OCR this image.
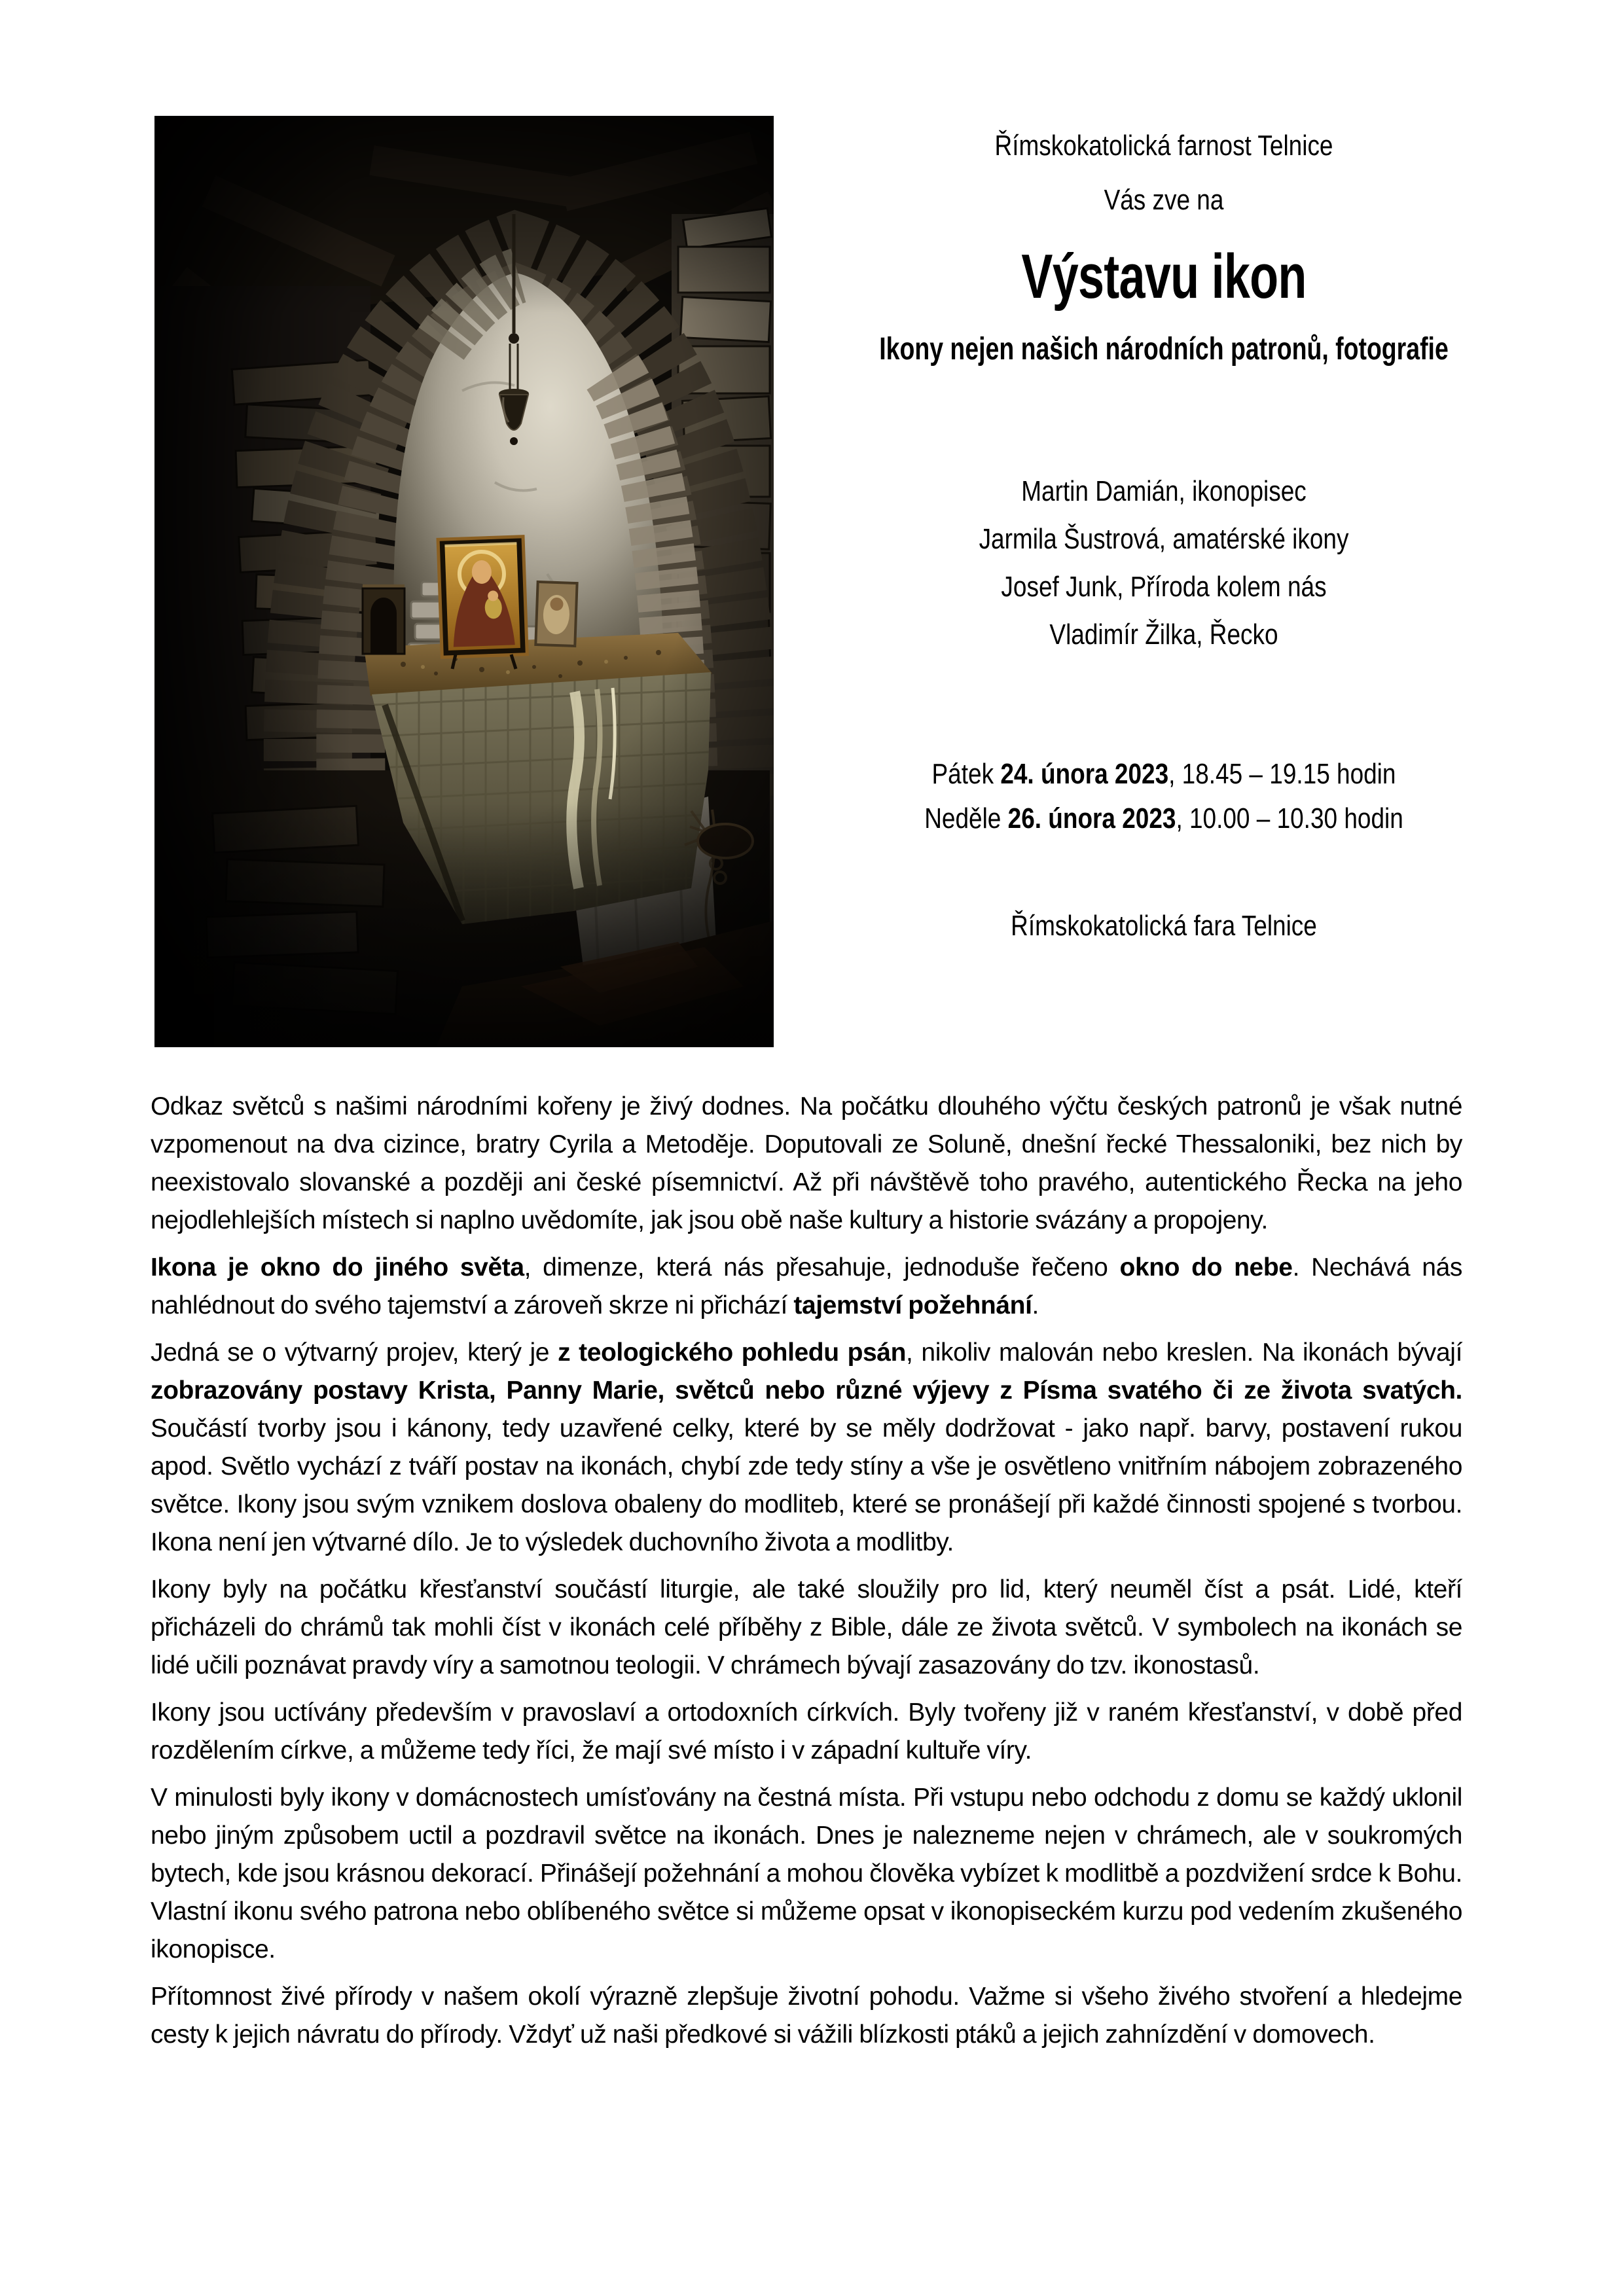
Římskokatolická farnost Telnice
Vás zve na
Výstavu ikon
Ikony nejen našich národních patronů, fotografie
Martin Damián, ikonopisec
Jarmila Šustrová, amatérské ikony
Josef Junk, Příroda kolem nás
Vladimír Žilka, Řecko
Pátek 24. února 2023, 18.45 – 19.15 hodin
Neděle 26. února 2023, 10.00 – 10.30 hodin
Římskokatolická fara Telnice

Odkaz světců s našimi národními kořeny je živý dodnes. Na počátku dlouhého výčtu českých patronů je však nutné vzpomenout na dva cizince, bratry Cyrila a Metoděje. Doputovali ze Soluně, dnešní řecké Thessaloniki, bez nich by neexistovalo slovanské a později ani české písemnictví. Až při návštěvě toho pravého, autentického Řecka na jeho nejodlehlejších místech si naplno uvědomíte, jak jsou obě naše kultury a historie svázány a propojeny.

Ikona je okno do jiného světa, dimenze, která nás přesahuje, jednoduše řečeno okno do nebe. Nechává nás nahlédnout do svého tajemství a zároveň skrze ni přichází tajemství požehnání.

Jedná se o výtvarný projev, který je z teologického pohledu psán, nikoliv malován nebo kreslen. Na ikonách bývají zobrazovány postavy Krista, Panny Marie, světců nebo různé výjevy z Písma svatého či ze života svatých. Součástí tvorby jsou i kánony, tedy uzavřené celky, které by se měly dodržovat - jako např. barvy, postavení rukou apod. Světlo vychází z tváří postav na ikonách, chybí zde tedy stíny a vše je osvětleno vnitřním nábojem zobrazeného světce. Ikony jsou svým vznikem doslova obaleny do modliteb, které se pronášejí při každé činnosti spojené s tvorbou. Ikona není jen výtvarné dílo. Je to výsledek duchovního života a modlitby.

Ikony byly na počátku křesťanství součástí liturgie, ale také sloužily pro lid, který neuměl číst a psát. Lidé, kteří přicházeli do chrámů tak mohli číst v ikonách celé příběhy z Bible, dále ze života světců. V symbolech na ikonách se lidé učili poznávat pravdy víry a samotnou teologii. V chrámech bývají zasazovány do tzv. ikonostasů.

Ikony jsou uctívány především v pravoslaví a ortodoxních církvích. Byly tvořeny již v raném křesťanství, v době před rozdělením církve, a můžeme tedy říci, že mají své místo i v západní kultuře víry.

V minulosti byly ikony v domácnostech umísťovány na čestná místa. Při vstupu nebo odchodu z domu se každý uklonil nebo jiným způsobem uctil a pozdravil světce na ikonách. Dnes je nalezneme nejen v chrámech, ale v soukromých bytech, kde jsou krásnou dekorací. Přinášejí požehnání a mohou člověka vybízet k modlitbě a pozdvižení srdce k Bohu. Vlastní ikonu svého patrona nebo oblíbeného světce si můžeme opsat v ikonopiseckém kurzu pod vedením zkušeného ikonopisce.

Přítomnost živé přírody v našem okolí výrazně zlepšuje životní pohodu. Važme si všeho živého stvoření a hledejme cesty k jejich návratu do přírody. Vždyť už naši předkové si vážili blízkosti ptáků a jejich zahnízdění v domovech.
